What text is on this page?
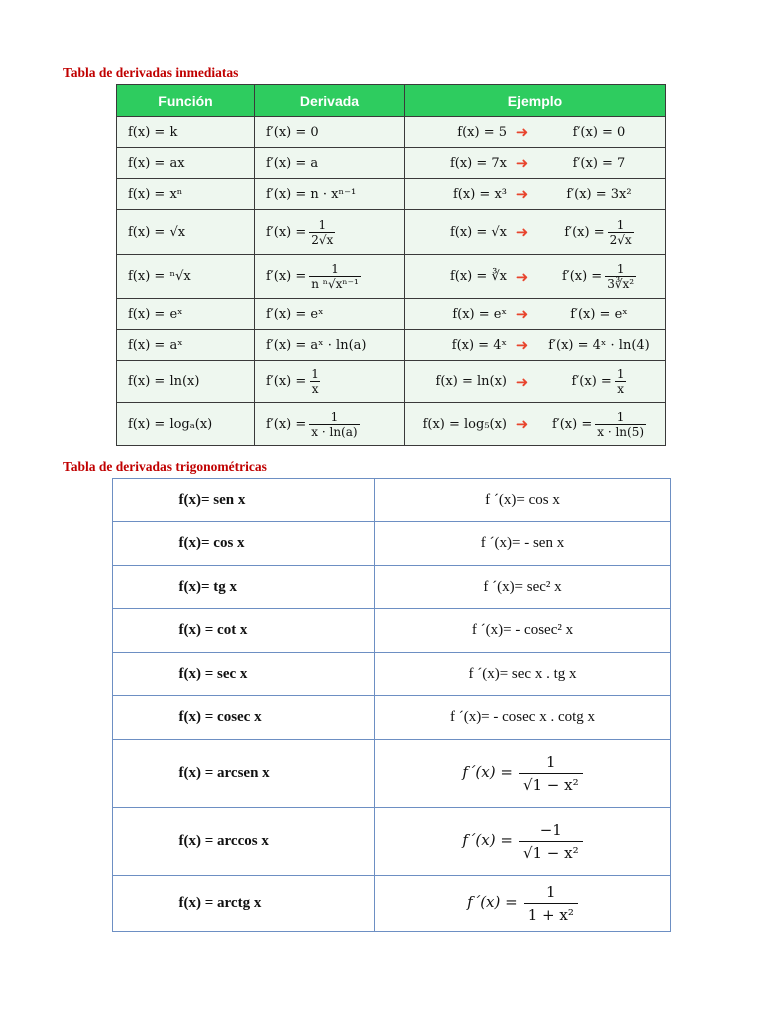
Tabla de derivadas inmediatas
Función	Derivada	Ejemplo
f(x) = k	f′(x) = 0	f(x) = 5 ➜ f′(x) = 0

f(x) = ax	f′(x) = a	f(x) = 7x ➜ f′(x) = 7

f(x) = xⁿ	f′(x) = n · xⁿ⁻¹	f(x) = x³ ➜ f′(x) = 3x²

f(x) = √x	$f'(x) = \frac{1}{2√x}$	f(x) = √x ➜ $f'(x) = \frac{1}{2√x}$

f(x) = ⁿ√x	$f'(x) = \frac{1}{\text{n ⁿ√xⁿ⁻¹}}$	f(x) = ∛x ➜ $f'(x) = \frac{1}{\text{3∛x²}}$

f(x) = eˣ	f′(x) = eˣ	f(x) = eˣ ➜ f′(x) = eˣ

f(x) = aˣ	f′(x) = aˣ · ln(a)	f(x) = 4ˣ ➜ f′(x) = 4ˣ · ln(4)

f(x) = ln(x)	$f'(x) = \frac{1}{x}$	f(x) = ln(x) ➜ $f'(x) = \frac{1}{x}$

f(x) = logₐ(x)	$f'(x) = \frac{1}{x \cdot \ln(a)}$	f(x) = log₅(x) ➜ $f'(x) = \frac{1}{x \cdot \ln(5)}$
Tabla de derivadas trigonométricas
f(x)= sen x	f ´(x)= cos x
f(x)= cos x	f ´(x)= - sen x
f(x)= tg x	f ´(x)= sec² x
f(x) = cot x	f ´(x)= - cosec² x
f(x) = sec x	f ´(x)= sec x . tg x
f(x) = cosec x	f ´(x)= - cosec x . cotg x
f(x) = arcsen x	f´(x) = $\frac{1}{\text{√1 − x²}}$

f(x) = arccos x	f´(x) = $\frac{-1}{\text{√1 − x²}}$

f(x) = arctg x	f´(x) = $\frac{1}{\text{1 + x²}}$
